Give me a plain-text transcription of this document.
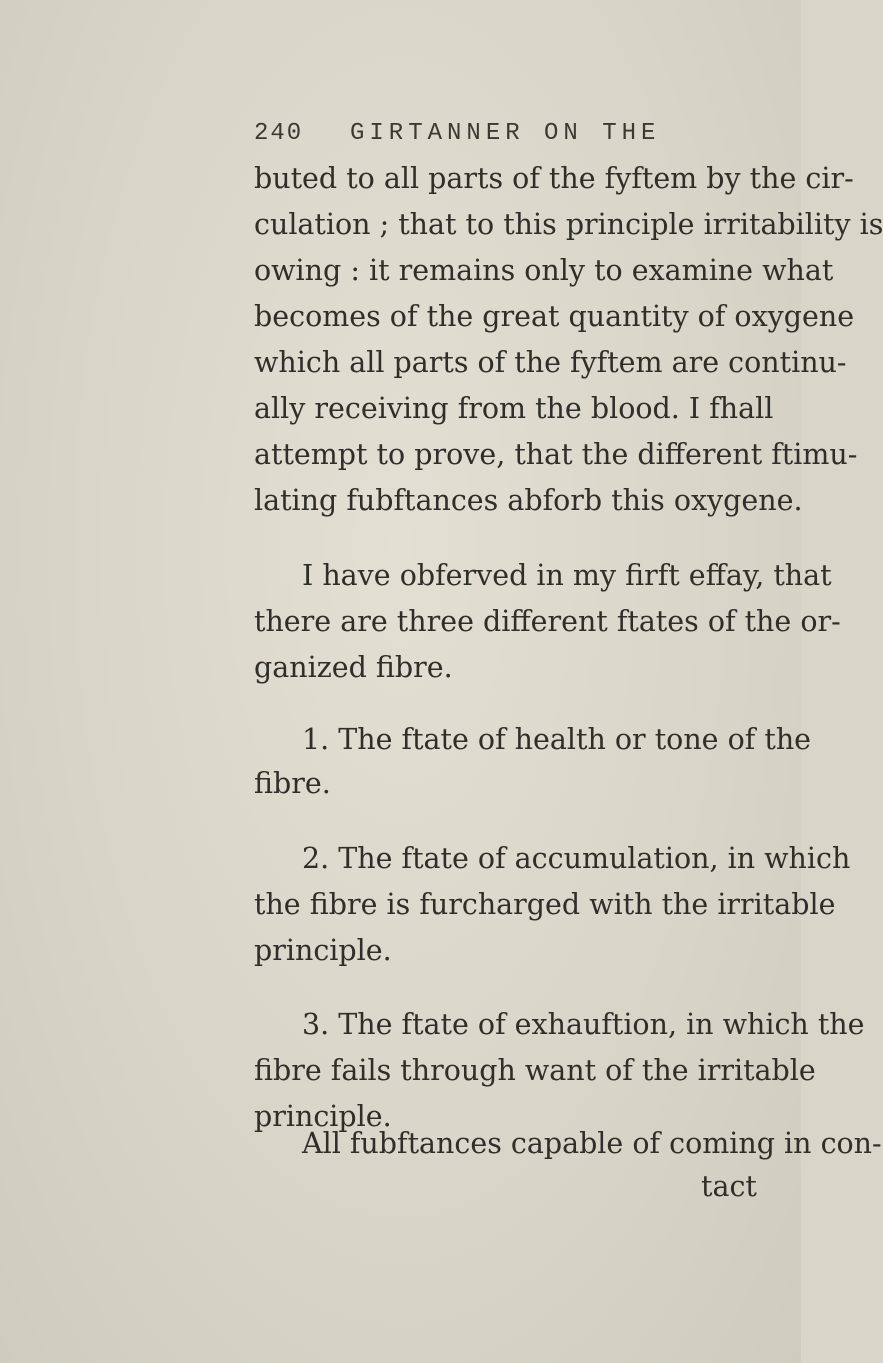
240 GIRTANNER ON THE
buted to all parts of the fyftem by the cir-
culation ; that to this principle irritability is
owing : it remains only to examine what
becomes of the great quantity of oxygene
which all parts of the fyftem are continu-
ally receiving from the blood. I fhall
attempt to prove, that the different ftimu-
lating fubftances abforb this oxygene.
I have obferved in my firft effay, that
there are three different ftates of the or-
ganized fibre.
1. The ftate of health or tone of the
fibre.
2. The ftate of accumulation, in which
the fibre is furcharged with the irritable
principle.
3. The ftate of exhauftion, in which the
fibre fails through want of the irritable
principle.
All fubftances capable of coming in con-
tact
